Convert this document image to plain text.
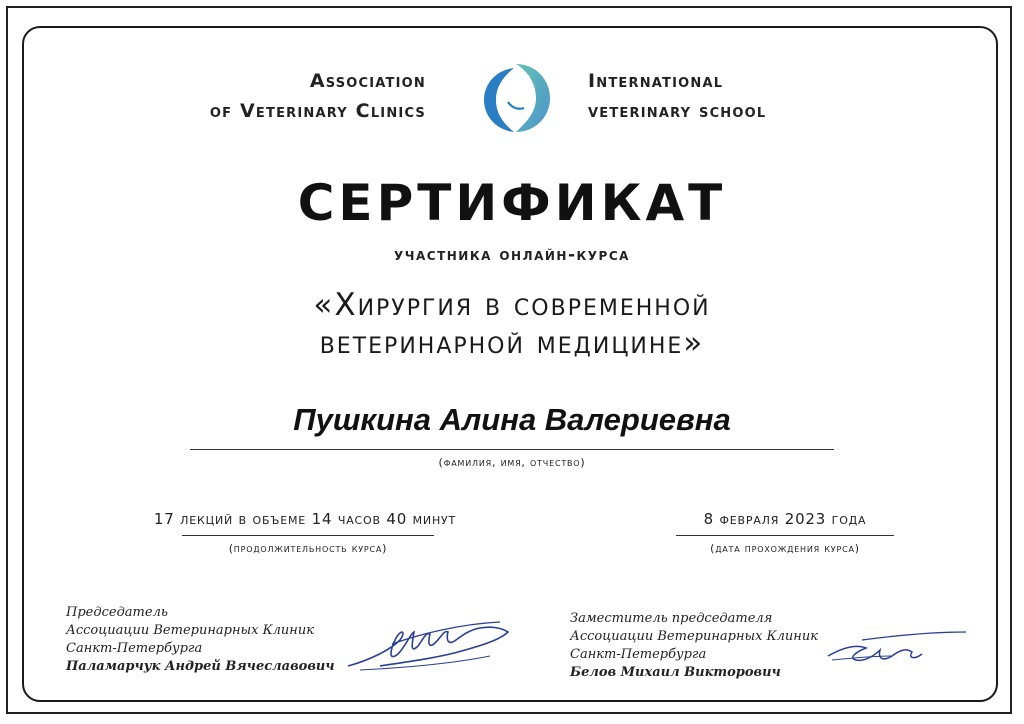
Association
of Veterinary Clinics
International
veterinary school
СЕРТИФИКАТ
участника онлайн-курса
«Хирургия в современной
ветеринарной медицине»
Пушкина Алина Валериевна
(фамилия, имя, отчество)
17 лекций в объеме 14 часов 40 минут
(продолжительность курса)
8 февраля 2023 года
(дата прохождения курса)
Председатель
Ассоциации Ветеринарных Клиник
Санкт-Петербурга
Паламарчук Андрей Вячеславович
Заместитель председателя
Ассоциации Ветеринарных Клиник
Санкт-Петербурга
Белов Михаил Викторович
